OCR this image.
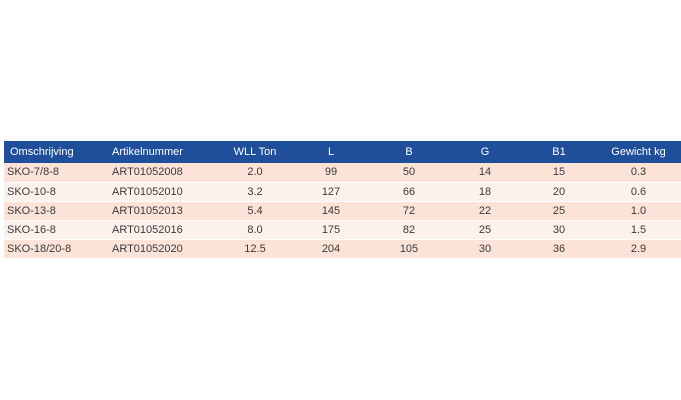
Omschrijving	Artikelnummer	WLL Ton	L	B	G	B1	Gewicht kg
SKO-7/8-8	ART01052008	2.0	99	50	14	15	0.3
SKO-10-8	ART01052010	3.2	127	66	18	20	0.6
SKO-13-8	ART01052013	5.4	145	72	22	25	1.0
SKO-16-8	ART01052016	8.0	175	82	25	30	1.5
SKO-18/20-8	ART01052020	12.5	204	105	30	36	2.9
